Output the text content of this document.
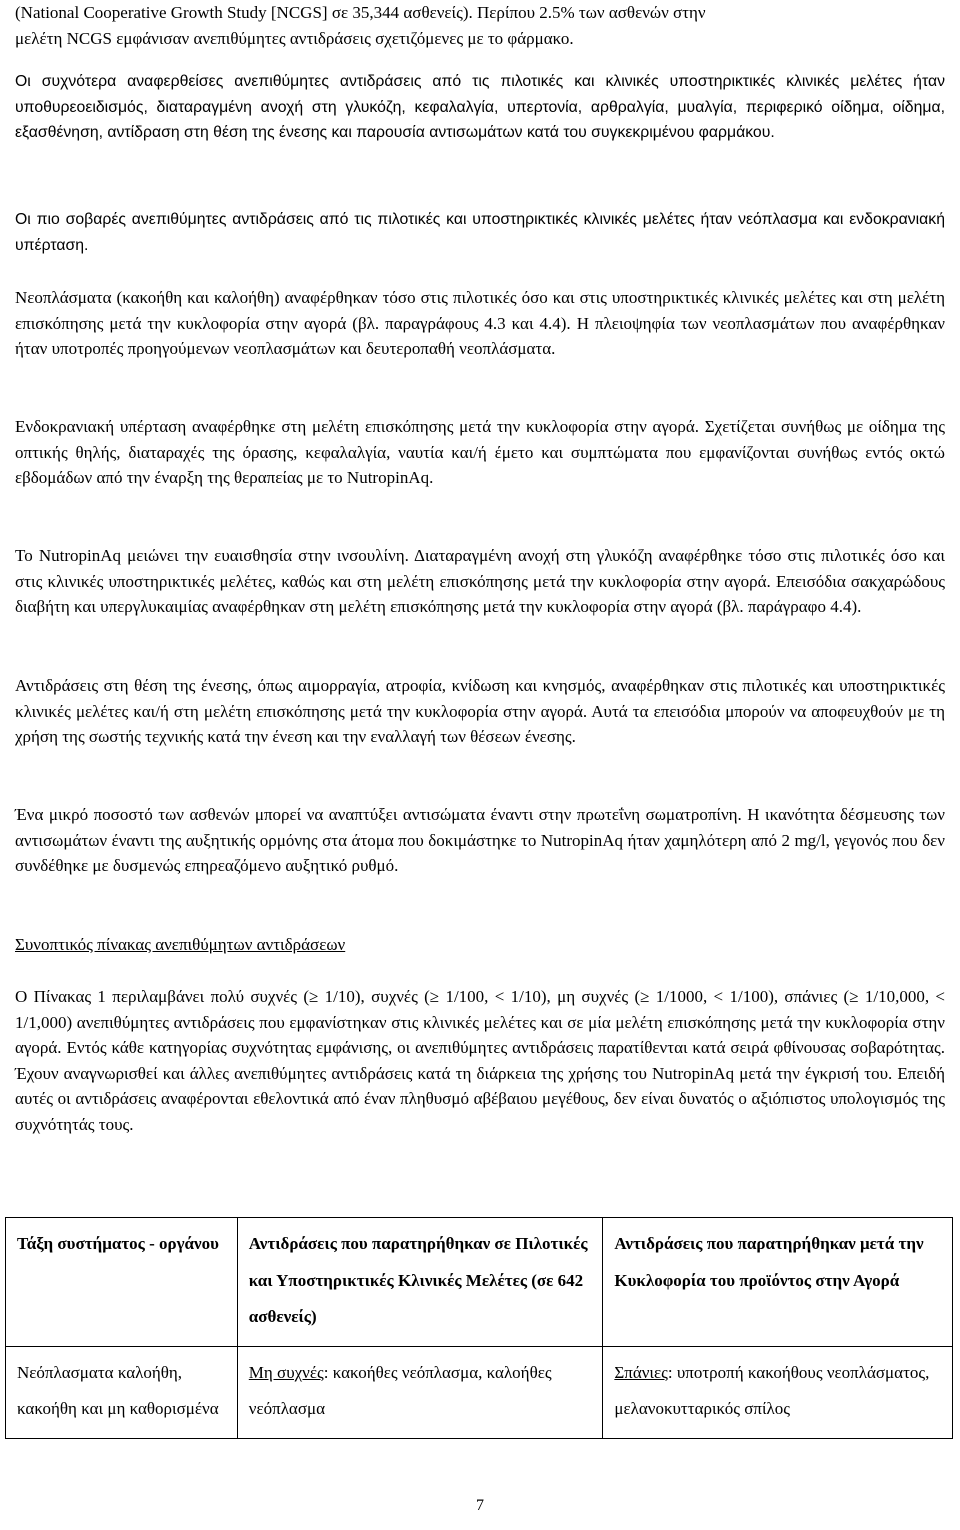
(National Cooperative Growth Study [NCGS] σε 35,344 ασθενείς). Περίπου 2.5% των ασθενών στην
μελέτη NCGS εμφάνισαν ανεπιθύμητες αντιδράσεις σχετιζόμενες με το φάρμακο.

Οι συχνότερα αναφερθείσες ανεπιθύμητες αντιδράσεις από τις πιλοτικές και κλινικές υποστηρικτικές κλινικές μελέτες ήταν υποθυρεοειδισμός, διαταραγμένη ανοχή στη γλυκόζη, κεφαλαλγία, υπερτονία, αρθραλγία, μυαλγία, περιφερικό οίδημα, οίδημα, εξασθένηση, αντίδραση στη θέση της ένεσης και παρουσία αντισωμάτων κατά του συγκεκριμένου φαρμάκου.

Οι πιο σοβαρές ανεπιθύμητες αντιδράσεις από τις πιλοτικές και υποστηρικτικές κλινικές μελέτες ήταν νεόπλασμα και ενδοκρανιακή υπέρταση.

Νεοπλάσματα (κακοήθη και καλοήθη) αναφέρθηκαν τόσο στις πιλοτικές όσο και στις υποστηρικτικές κλινικές μελέτες και στη μελέτη επισκόπησης μετά την κυκλοφορία στην αγορά (βλ. παραγράφους 4.3 και 4.4). Η πλειοψηφία των νεοπλασμάτων που αναφέρθηκαν ήταν υποτροπές προηγούμενων νεοπλασμάτων και δευτεροπαθή νεοπλάσματα.

Ενδοκρανιακή υπέρταση αναφέρθηκε στη μελέτη επισκόπησης μετά την κυκλοφορία στην αγορά. Σχετίζεται συνήθως με οίδημα της οπτικής θηλής, διαταραχές της όρασης, κεφαλαλγία, ναυτία και/ή έμετο και συμπτώματα που εμφανίζονται συνήθως εντός οκτώ εβδομάδων από την έναρξη της θεραπείας με το NutropinAq.

Το NutropinAq μειώνει την ευαισθησία στην ινσουλίνη. Διαταραγμένη ανοχή στη γλυκόζη αναφέρθηκε τόσο στις πιλοτικές όσο και στις κλινικές υποστηρικτικές μελέτες, καθώς και στη μελέτη επισκόπησης μετά την κυκλοφορία στην αγορά. Επεισόδια σακχαρώδους διαβήτη και υπεργλυκαιμίας αναφέρθηκαν στη μελέτη επισκόπησης μετά την κυκλοφορία στην αγορά (βλ. παράγραφο 4.4).

Αντιδράσεις στη θέση της ένεσης, όπως αιμορραγία, ατροφία, κνίδωση και κνησμός, αναφέρθηκαν στις πιλοτικές και υποστηρικτικές κλινικές μελέτες και/ή στη μελέτη επισκόπησης μετά την κυκλοφορία στην αγορά. Αυτά τα επεισόδια μπορούν να αποφευχθούν με τη χρήση της σωστής τεχνικής κατά την ένεση και την εναλλαγή των θέσεων ένεσης.

Ένα μικρό ποσοστό των ασθενών μπορεί να αναπτύξει αντισώματα έναντι στην πρωτεΐνη σωματροπίνη. Η ικανότητα δέσμευσης των αντισωμάτων έναντι της αυξητικής ορμόνης στα άτομα που δοκιμάστηκε το NutropinAq ήταν χαμηλότερη από 2 mg/l, γεγονός που δεν συνδέθηκε με δυσμενώς επηρεαζόμενο αυξητικό ρυθμό.

Συνοπτικός πίνακας ανεπιθύμητων αντιδράσεων

Ο Πίνακας 1 περιλαμβάνει πολύ συχνές (≥ 1/10), συχνές (≥ 1/100, < 1/10), μη συχνές (≥ 1/1000, < 1/100), σπάνιες (≥ 1/10,000, < 1/1,000) ανεπιθύμητες αντιδράσεις που εμφανίστηκαν στις κλινικές μελέτες και σε μία μελέτη επισκόπησης μετά την κυκλοφορία στην αγορά. Εντός κάθε κατηγορίας συχνότητας εμφάνισης, οι ανεπιθύμητες αντιδράσεις παρατίθενται κατά σειρά φθίνουσας σοβαρότητας. Έχουν αναγνωρισθεί και άλλες ανεπιθύμητες αντιδράσεις κατά τη διάρκεια της χρήσης του NutropinAq μετά την έγκρισή του. Επειδή αυτές οι αντιδράσεις αναφέρονται εθελοντικά από έναν πληθυσμό αβέβαιου μεγέθους, δεν είναι δυνατός ο αξιόπιστος υπολογισμός της συχνότητάς τους.

Τάξη συστήματος - οργάνου	Αντιδράσεις που παρατηρήθηκαν σε Πιλοτικές και Υποστηρικτικές Κλινικές Μελέτες (σε 642 ασθενείς)	Αντιδράσεις που παρατηρήθηκαν μετά την Κυκλοφορία του προϊόντος στην Αγορά
Νεόπλασματα καλοήθη, κακοήθη και μη καθορισμένα	Μη συχνές: κακοήθες νεόπλασμα, καλοήθες νεόπλασμα	Σπάνιες: υποτροπή κακοήθους νεοπλάσματος, μελανοκυτταρικός σπίλος
7
